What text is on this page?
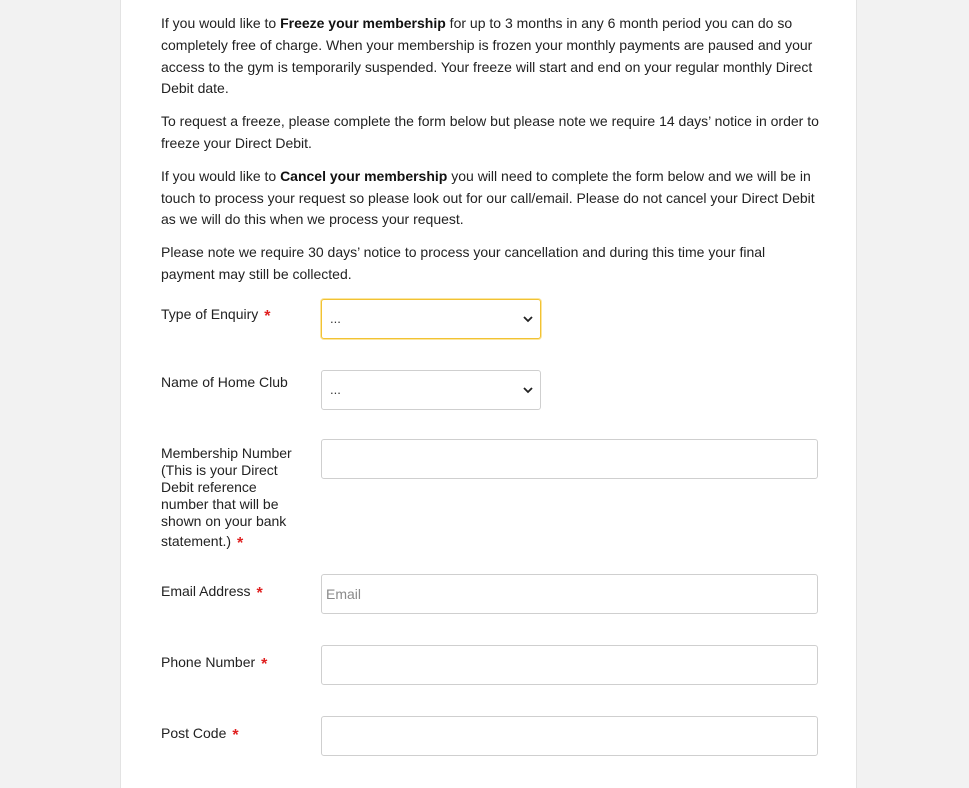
If you would like to Freeze your membership for up to 3 months in any 6 month period you can do so completely free of charge. When your membership is frozen your monthly payments are paused and your access to the gym is temporarily suspended. Your freeze will start and end on your regular monthly Direct Debit date.

To request a freeze, please complete the form below but please note we require 14 days’ notice in order to freeze your Direct Debit.

If you would like to Cancel your membership you will need to complete the form below and we will be in touch to process your request so please look out for our call/email. Please do not cancel your Direct Debit as we will do this when we process your request.

Please note we require 30 days’ notice to process your cancellation and during this time your final payment may still be collected.

Type of Enquiry *	...
Name of Home Club	...
Membership Number
(This is your Direct
Debit reference
number that will be
shown on your bank
statement.) *
Email Address *
Email
Phone Number *
Post Code *
